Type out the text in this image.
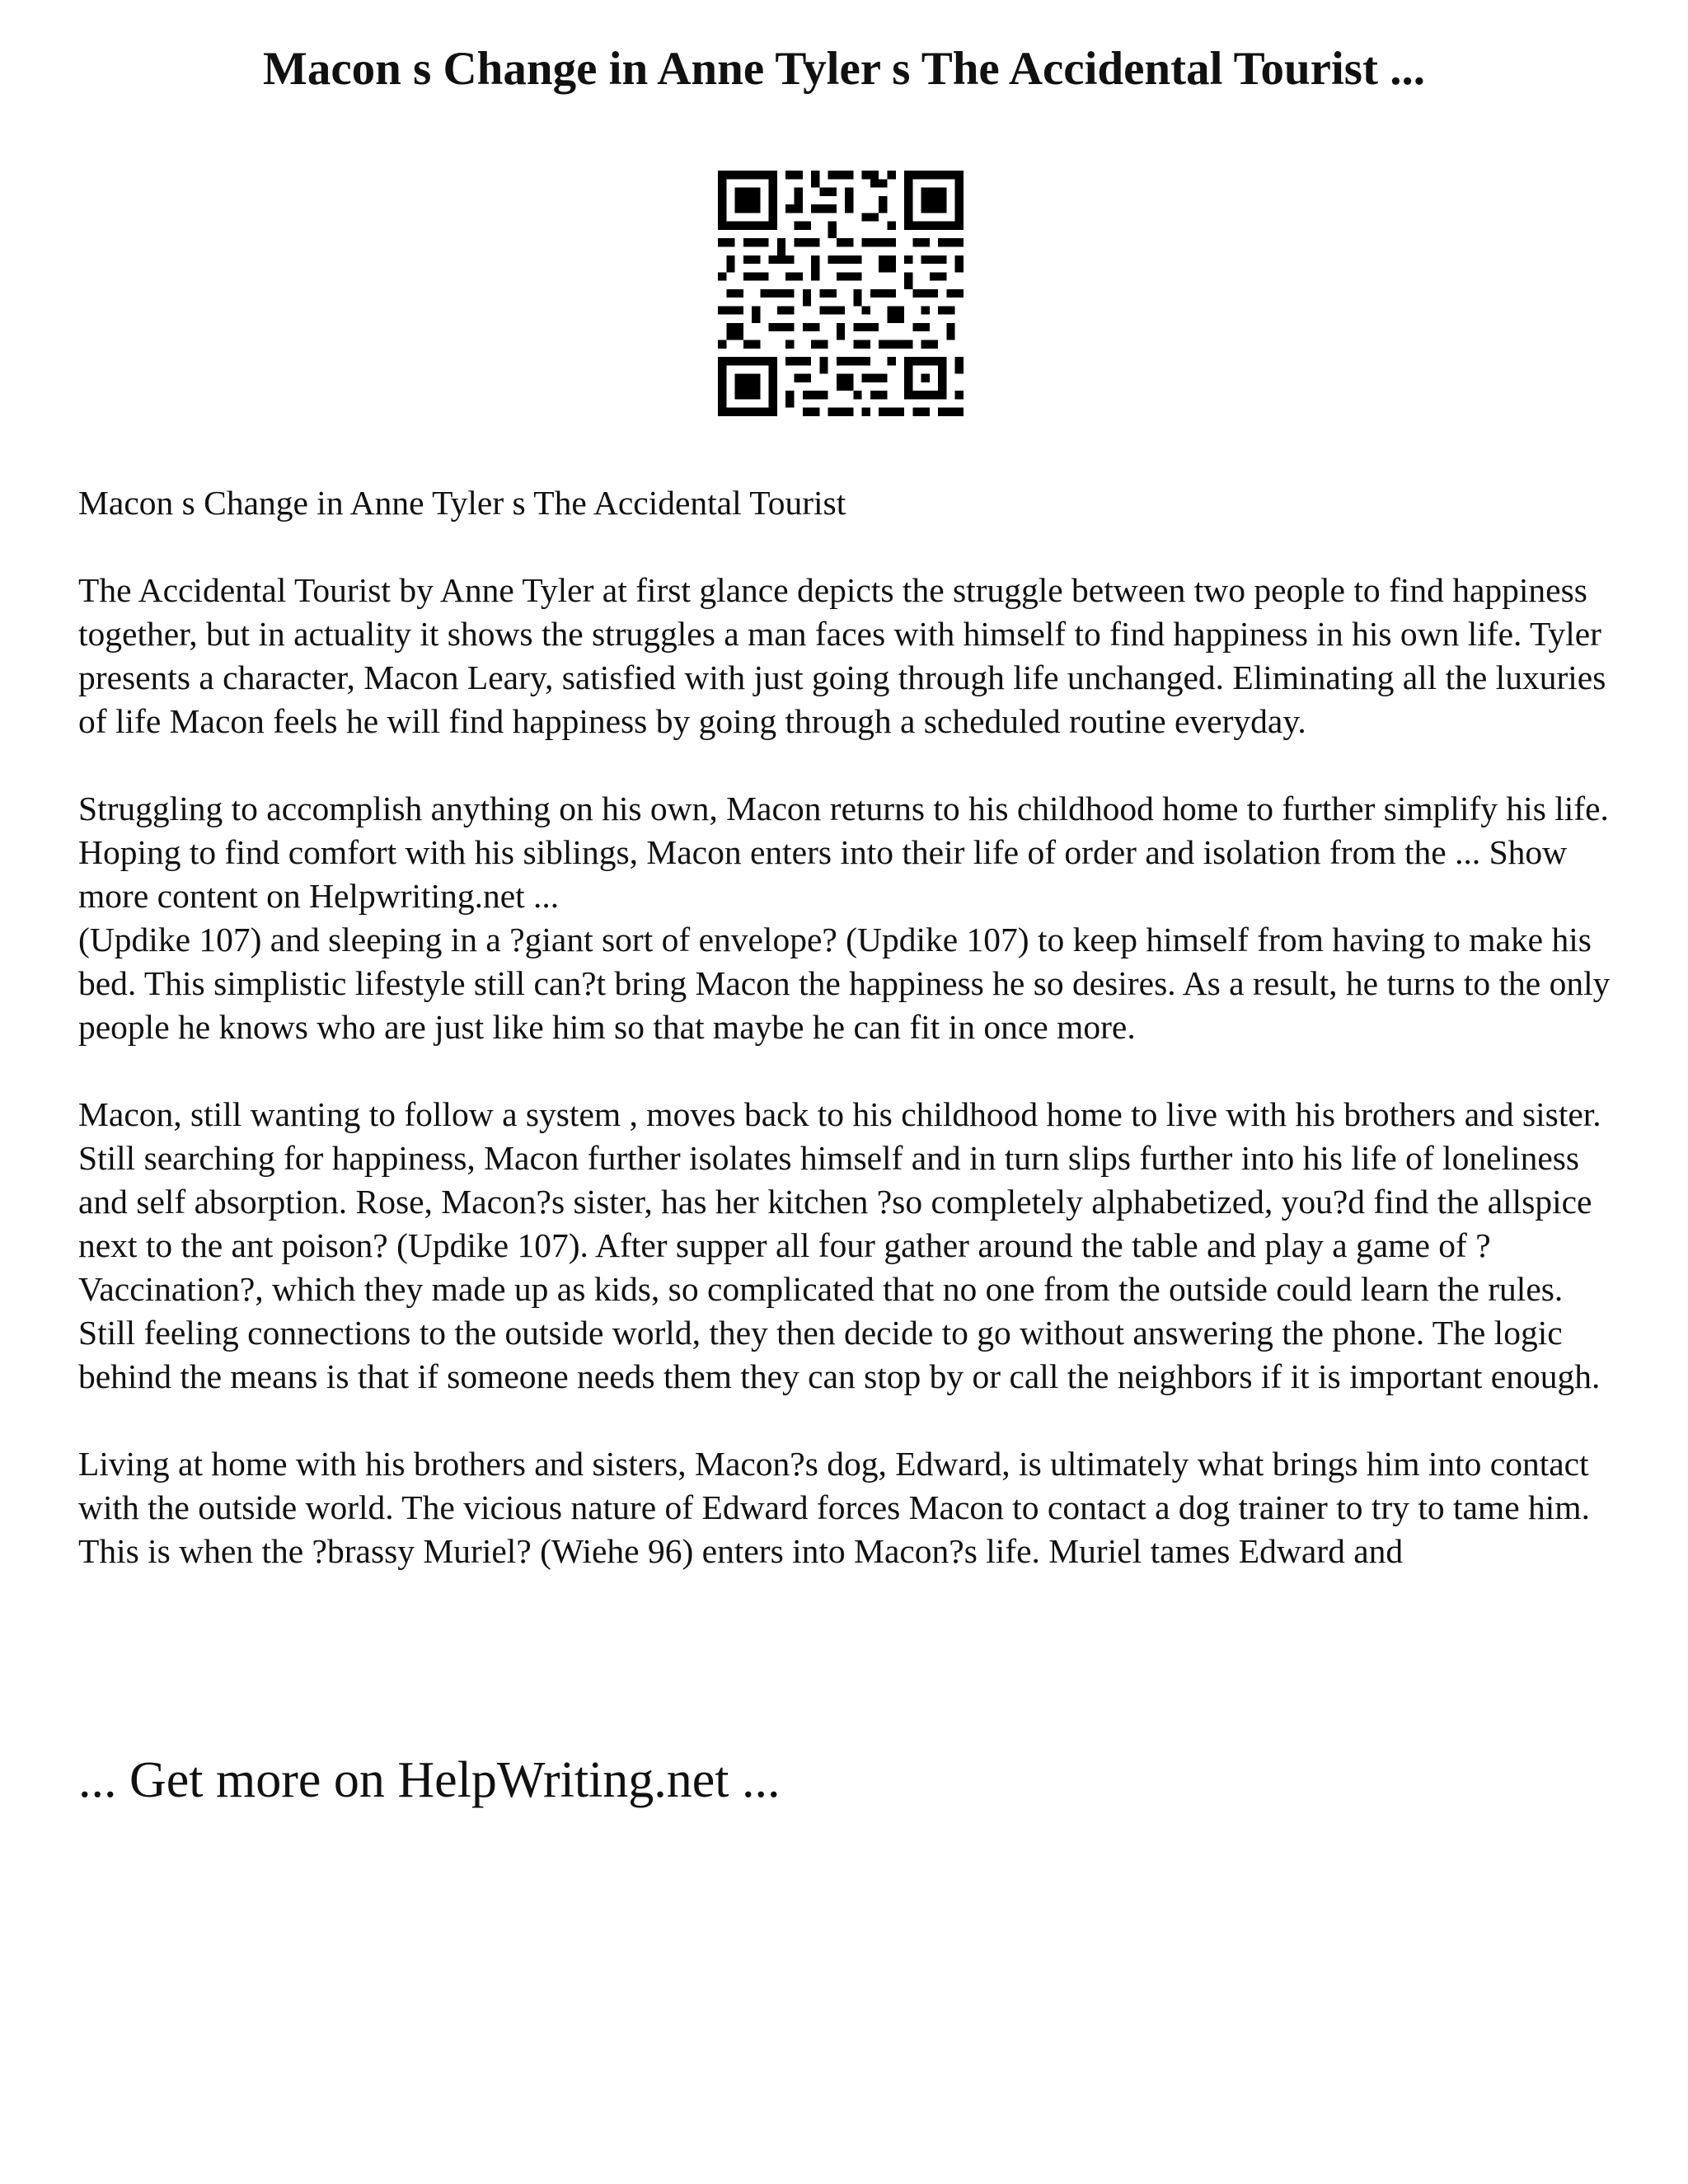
Macon s Change in Anne Tyler s The Accidental Tourist ...

Macon s Change in Anne Tyler s The Accidental Tourist

The Accidental Tourist by Anne Tyler at first glance depicts the struggle between two people to find happiness together, but in actuality it shows the struggles a man faces with himself to find happiness in his own life. Tyler presents a character, Macon Leary, satisfied with just going through life unchanged. Eliminating all the luxuries of life Macon feels he will find happiness by going through a scheduled routine everyday.

Struggling to accomplish anything on his own, Macon returns to his childhood home to further simplify his life. Hoping to find comfort with his siblings, Macon enters into their life of order and isolation from the ... Show more content on Helpwriting.net ...

(Updike 107) and sleeping in a ?giant sort of envelope? (Updike 107) to keep himself from having to make his bed. This simplistic lifestyle still can?t bring Macon the happiness he so desires. As a result, he turns to the only people he knows who are just like him so that maybe he can fit in once more.

Macon, still wanting to follow a system , moves back to his childhood home to live with his brothers and sister. Still searching for happiness, Macon further isolates himself and in turn slips further into his life of loneliness and self absorption. Rose, Macon?s sister, has her kitchen ?so completely alphabetized, you?d find the allspice next to the ant poison? (Updike 107). After supper all four gather around the table and play a game of ?Vaccination?, which they made up as kids, so complicated that no one from the outside could learn the rules. Still feeling connections to the outside world, they then decide to go without answering the phone. The logic behind the means is that if someone needs them they can stop by or call the neighbors if it is important enough.

Living at home with his brothers and sisters, Macon?s dog, Edward, is ultimately what brings him into contact with the outside world. The vicious nature of Edward forces Macon to contact a dog trainer to try to tame him. This is when the ?brassy Muriel? (Wiehe 96) enters into Macon?s life. Muriel tames Edward and

... Get more on HelpWriting.net ...
